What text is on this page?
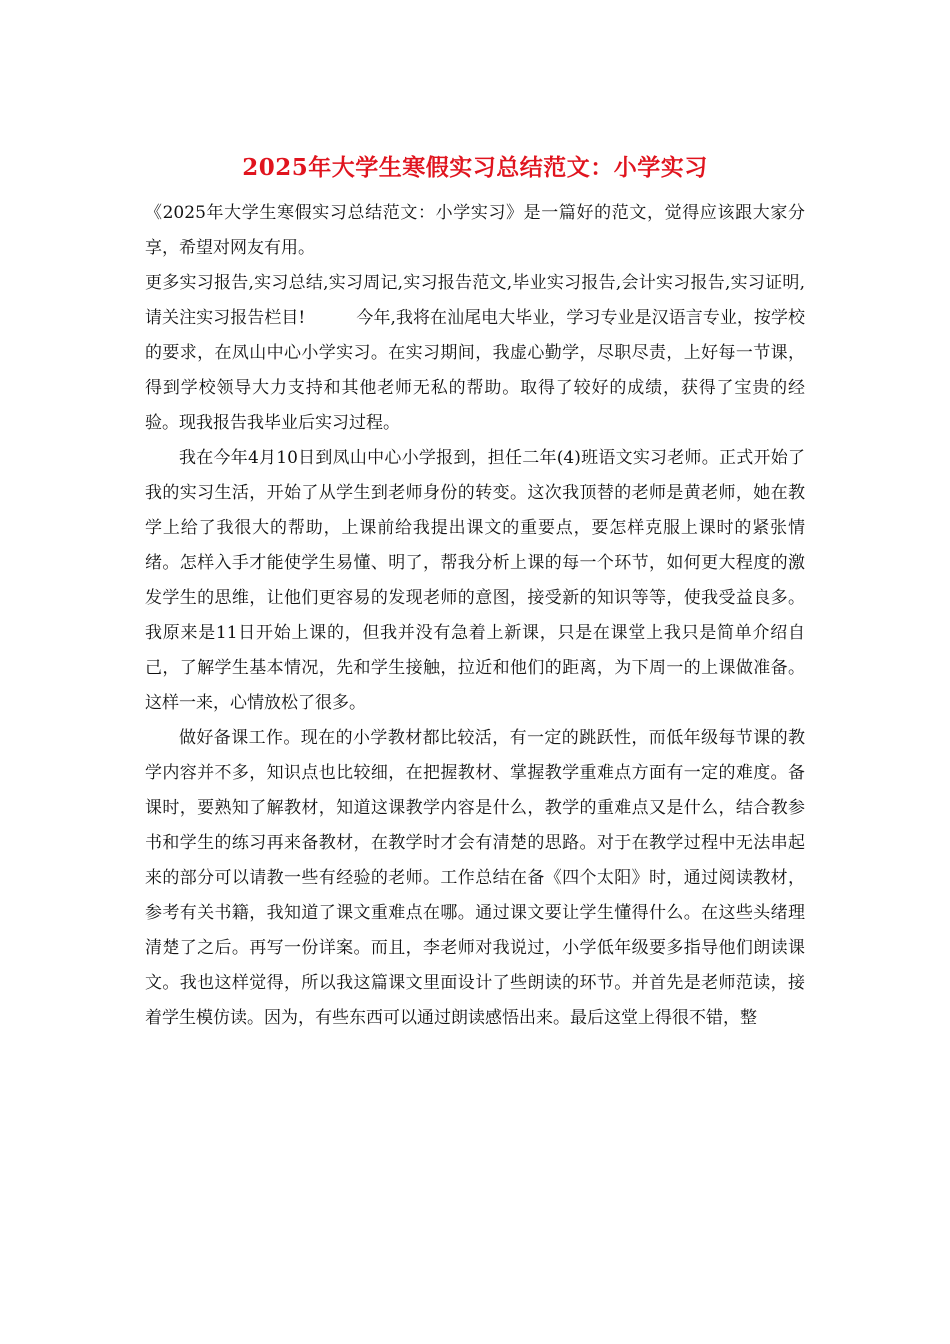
2025年大学生寒假实习总结范文：小学实习

《2025年大学生寒假实习总结范文：小学实习》是一篇好的范文，觉得应该跟大家分享，希望对网友有用。

更多实习报告,实习总结,实习周记,实习报告范文,毕业实习报告,会计实习报告,实习证明,请关注实习报告栏目!　　　今年,我将在汕尾电大毕业，学习专业是汉语言专业，按学校的要求，在凤山中心小学实习。在实习期间，我虚心勤学，尽职尽责，上好每一节课，得到学校领导大力支持和其他老师无私的帮助。取得了较好的成绩，获得了宝贵的经验。现我报告我毕业后实习过程。

我在今年4月10日到凤山中心小学报到，担任二年(4)班语文实习老师。正式开始了我的实习生活，开始了从学生到老师身份的转变。这次我顶替的老师是黄老师，她在教学上给了我很大的帮助，上课前给我提出课文的重要点，要怎样克服上课时的紧张情绪。怎样入手才能使学生易懂、明了，帮我分析上课的每一个环节，如何更大程度的激发学生的思维，让他们更容易的发现老师的意图，接受新的知识等等，使我受益良多。我原来是11日开始上课的，但我并没有急着上新课，只是在课堂上我只是简单介绍自己，了解学生基本情况，先和学生接触，拉近和他们的距离，为下周一的上课做准备。这样一来，心情放松了很多。

做好备课工作。现在的小学教材都比较活，有一定的跳跃性，而低年级每节课的教学内容并不多，知识点也比较细，在把握教材、掌握教学重难点方面有一定的难度。备课时，要熟知了解教材，知道这课教学内容是什么，教学的重难点又是什么，结合教参书和学生的练习再来备教材，在教学时才会有清楚的思路。对于在教学过程中无法串起来的部分可以请教一些有经验的老师。工作总结在备《四个太阳》时，通过阅读教材，参考有关书籍，我知道了课文重难点在哪。通过课文要让学生懂得什么。在这些头绪理清楚了之后。再写一份详案。而且，李老师对我说过，小学低年级要多指导他们朗读课文。我也这样觉得，所以我这篇课文里面设计了些朗读的环节。并首先是老师范读，接着学生模仿读。因为，有些东西可以通过朗读感悟出来。最后这堂上得很不错，整
